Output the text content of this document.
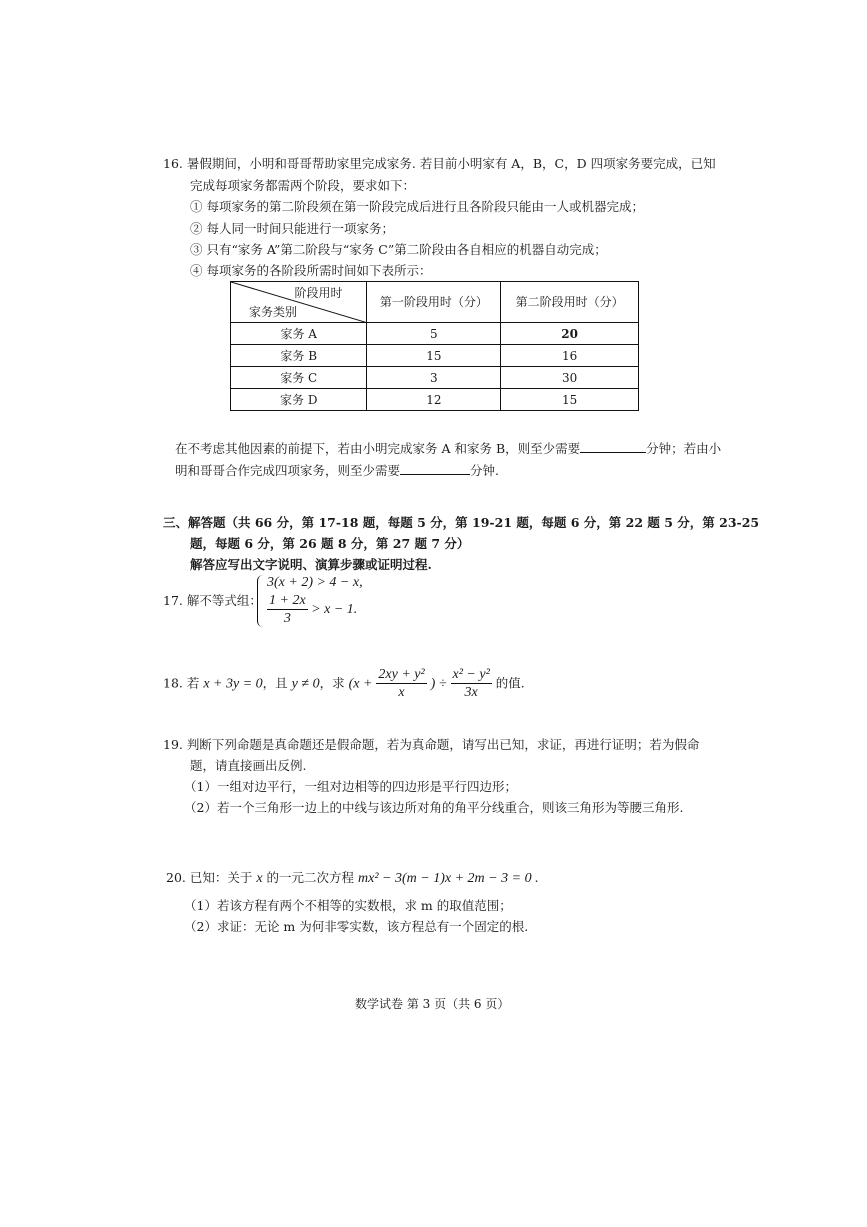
16. 暑假期间，小明和哥哥帮助家里完成家务. 若目前小明家有 A，B，C，D 四项家务要完成，已知
完成每项家务都需两个阶段，要求如下：
① 每项家务的第二阶段须在第一阶段完成后进行且各阶段只能由一人或机器完成；
② 每人同一时间只能进行一项家务；
③ 只有“家务 A”第二阶段与“家务 C”第二阶段由各自相应的机器自动完成；
④ 每项家务的各阶段所需时间如下表所示：
阶段用时
家务类别	第一阶段用时（分）	第二阶段用时（分）
家务 A	5	20
家务 B	15	16
家务 C	3	30
家务 D	12	15
在不考虑其他因素的前提下，若由小明完成家务 A 和家务 B，则至少需要	分钟；若由小
明和哥哥合作完成四项家务，则至少需要	分钟.
三、解答题（共 66 分，第 17-18 题，每题 5 分，第 19-21 题，每题 6 分，第 22 题 5 分，第 23-25
题，每题 6 分，第 26 题 8 分，第 27 题 7 分）
解答应写出文字说明、演算步骤或证明过程.
17. 解不等式组：
3(x + 2) > 4 − x,
$\frac{1 + 2x}{3} > x - 1$.
18. 若 x + 3y = 0，且 y ≠ 0，求 ($x + \frac{\text{2xy + y²}}{x}$ ) ÷ $\frac{\text{x² − y²}}{3x}$ 的值.
19. 判断下列命题是真命题还是假命题，若为真命题，请写出已知，求证，再进行证明；若为假命
题，请直接画出反例.
（1）一组对边平行，一组对边相等的四边形是平行四边形；
（2）若一个三角形一边上的中线与该边所对角的角平分线重合，则该三角形为等腰三角形.
20. 已知：关于 x 的一元二次方程 mx² − 3(m − 1)x + 2m − 3 = 0 .
（1）若该方程有两个不相等的实数根，求 m 的取值范围；
（2）求证：无论 m 为何非零实数，该方程总有一个固定的根.
数学试卷 第 3 页（共 6 页）
